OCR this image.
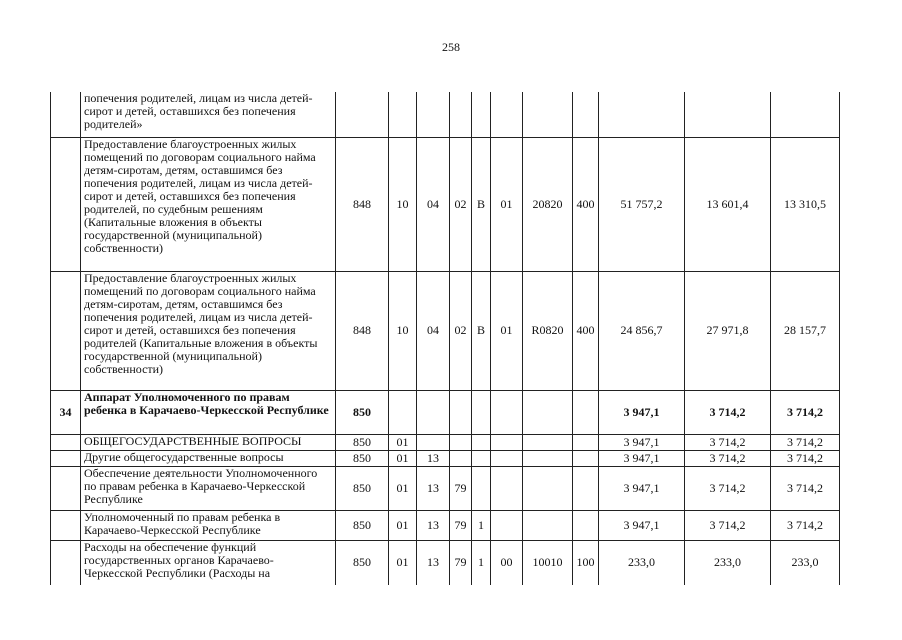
258
	попечения родителей, лицам из числа детей-сирот и детей, оставшихся без попечения родителей»											
	Предоставление благоустроенных жилых помещений по договорам социального найма детям-сиротам, детям, оставшимся без попечения родителей, лицам из числа детей-сирот и детей, оставшихся без попечения родителей, по судебным решениям (Капитальные вложения в объекты государственной (муниципальной) собственности)	848	10	04	02	В	01	20820	400	51 757,2	13 601,4	13 310,5
	Предоставление благоустроенных жилых помещений по договорам социального найма детям-сиротам, детям, оставшимся без попечения родителей, лицам из числа детей-сирот и детей, оставшихся без попечения родителей (Капитальные вложения в объекты государственной (муниципальной) собственности)	848	10	04	02	В	01	R0820	400	24 856,7	27 971,8	28 157,7
34	Аппарат Уполномоченного по правам ребенка в Карачаево-Черкесской Республике	850								3 947,1	3 714,2	3 714,2
	ОБЩЕГОСУДАРСТВЕННЫЕ ВОПРОСЫ	850	01							3 947,1	3 714,2	3 714,2
	Другие общегосударственные вопросы	850	01	13						3 947,1	3 714,2	3 714,2
	Обеспечение деятельности Уполномоченного по правам ребенка в Карачаево-Черкесской Республике	850	01	13	79					3 947,1	3 714,2	3 714,2
	Уполномоченный по правам ребенка в Карачаево-Черкесской Республике	850	01	13	79	1				3 947,1	3 714,2	3 714,2
	Расходы на обеспечение функций государственных органов Карачаево-Черкесской Республики (Расходы на	850	01	13	79	1	00	10010	100	233,0	233,0	233,0
